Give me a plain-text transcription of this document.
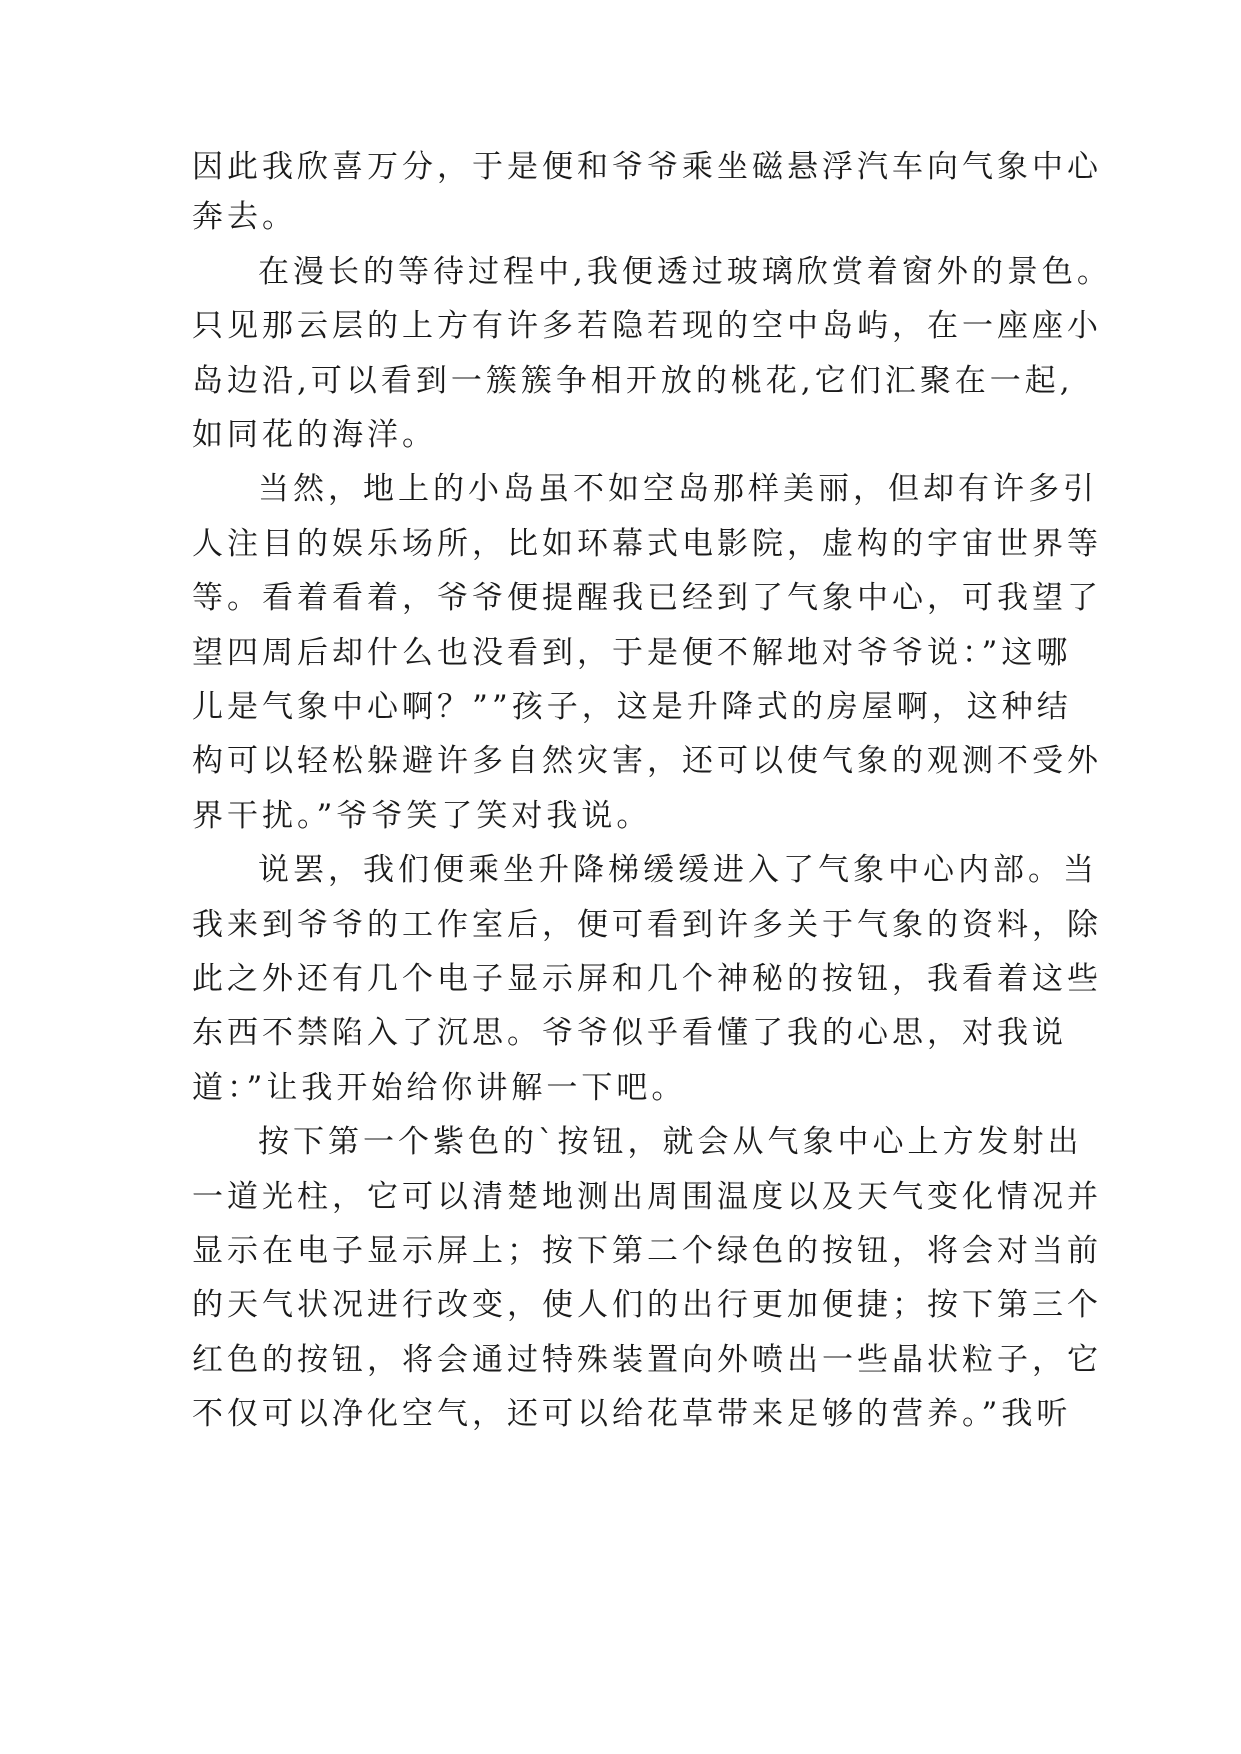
因此我欣喜万分，于是便和爷爷乘坐磁悬浮汽车向气象中心
奔去。
在漫长的等待过程中,我便透过玻璃欣赏着窗外的景色。
只见那云层的上方有许多若隐若现的空中岛屿，在一座座小
岛边沿,可以看到一簇簇争相开放的桃花,它们汇聚在一起,
如同花的海洋。
当然，地上的小岛虽不如空岛那样美丽，但却有许多引
人注目的娱乐场所，比如环幕式电影院，虚构的宇宙世界等
等。看着看着，爷爷便提醒我已经到了气象中心，可我望了
望四周后却什么也没看到，于是便不解地对爷爷说：”这哪
儿是气象中心啊？””孩子，这是升降式的房屋啊，这种结
构可以轻松躲避许多自然灾害，还可以使气象的观测不受外
界干扰。”爷爷笑了笑对我说。
说罢，我们便乘坐升降梯缓缓进入了气象中心内部。当
我来到爷爷的工作室后，便可看到许多关于气象的资料，除
此之外还有几个电子显示屏和几个神秘的按钮，我看着这些
东西不禁陷入了沉思。爷爷似乎看懂了我的心思，对我说
道：”让我开始给你讲解一下吧。
按下第一个紫色的`按钮，就会从气象中心上方发射出
一道光柱，它可以清楚地测出周围温度以及天气变化情况并
显示在电子显示屏上；按下第二个绿色的按钮，将会对当前
的天气状况进行改变，使人们的出行更加便捷；按下第三个
红色的按钮，将会通过特殊装置向外喷出一些晶状粒子，它
不仅可以净化空气，还可以给花草带来足够的营养。”我听
